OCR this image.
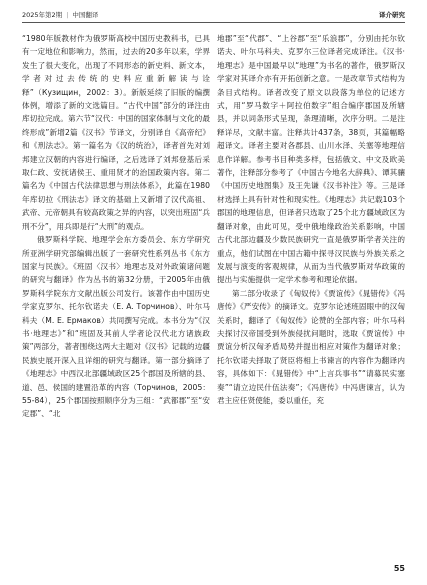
2025年第2期 | 中国翻译	译介研究

“1980年版教材作为俄罗斯高校中国历史教科书，已具有一定地位和影响力，然而，过去的20多年以来，学界发生了很大变化，出现了不同形态的新史料、新文本，学者对过去传统的史料应重新解读与诠释”（Кузищин，2002：3）。新版延续了旧版的编撰体例，增添了新的文选篇目。“古代中国”部分的译注由库切拉完成。第六节“汉代：中国的国家体制与文化的最终形成”新增2篇《汉书》节译文，分别译自《高帝纪》和《刑法志》。第一篇名为《汉的统治》，译者首先对刘邦建立汉朝的内容进行编译，之后选译了刘邦登基后采取仁政、安抚诸侯王、重用贤才的治国政策内容。第二篇名为《中国古代法律思想与刑法体系》，此篇在1980年库切拉《刑法志》译文的基础上又新增了汉代高祖、武帝、元帝朝具有较高政策之异的内容，以突出班固“兵刑不分”，用兵即是行“大刑”的观点。

俄罗斯科学院、地理学会东方委员会、东方学研究所亚洲学研究部编辑出版了一套研究性系列丛书《东方国家与民族》。《班固〈汉书〉地理志及对外政策诸问题的研究与翻译》作为丛书的第32分册，于2005年由俄罗斯科学院东方文献出版公司发行。该著作由中国历史学家克罗尔、托尔钦诺夫（E. A. Торчинов）、叶尔马科夫（M. E. Ермаков）共同撰写完成。本书分为“《汉书·地理志》”和“班固及其前人学者论汉代北方诸族政策”两部分，著者围绕这两大主题对《汉书》记载的边疆民族史展开深入且详细的研究与翻译。第一部分摘译了《地理志》中西汉北部疆域政区25个郡国及所辖的县、道、邑、侯国的建置沿革的内容（Торчинов，2005：55-84），25个郡国按照顺序分为三组：“武都郡”至“安定郡”、“北

地郡”至“代郡”、“上谷郡”至“乐浪郡”，分别由托尔钦诺夫、叶尔马科夫、克罗尔三位译者完成译注。《汉书·地理志》是中国最早以“地理”为书名的著作，俄罗斯汉学家对其译介亦有开拓创新之意。一是改章节式结构为条目式结构。译者改变了原文以段落为单位的记述方式，用“罗马数字＋阿拉伯数字”组合编序郡国及所辖县，并以词条形式呈现，条理清晰，次序分明。二是注释详尽，文献丰富。注释共计437条，38页，其篇幅略超译文。译者主要对各郡县、山川水泽、关塞等地理信息作详解。参考书目种类多样，包括俄文、中文及欧美著作，注释部分参考了《中国古今地名大辞典》、谭其骧《中国历史地图集》及王先谦《汉书补注》等。三是译材选择上具有针对性和现实性。《地理志》共记载103个郡国的地理信息，但译者只选取了25个北方疆域政区为翻译对象，由此可见，受中俄地缘政治关系影响，中国古代北部边疆及少数民族研究一直是俄罗斯学者关注的重点，他们试图在中国古籍中探寻汉民族与外族关系之发展与演变的客观规律，从而为当代俄罗斯对华政策的提出与实施提供一定学术参考和理论依据。

第二部分收录了《匈奴传》《贾谊传》《晁错传》《冯唐传》《严安传》的摘译文。克罗尔论述班固眼中的汉匈关系时，翻译了《匈奴传》论赞的全部内容；叶尔马科夫探讨汉帝国受到外族侵扰问题时，选取《贾谊传》中贾谊分析汉匈矛盾局势并提出相应对策作为翻译对象；托尔钦诺夫择取了贤臣将相上书谏言的内容作为翻译内容，具体如下：《晁错传》中“上言兵事书”“请募民实塞奏”“请立边民什伍法奏”；《冯唐传》中冯唐谏言，认为君主应任贤使能，委以重任，充

55
